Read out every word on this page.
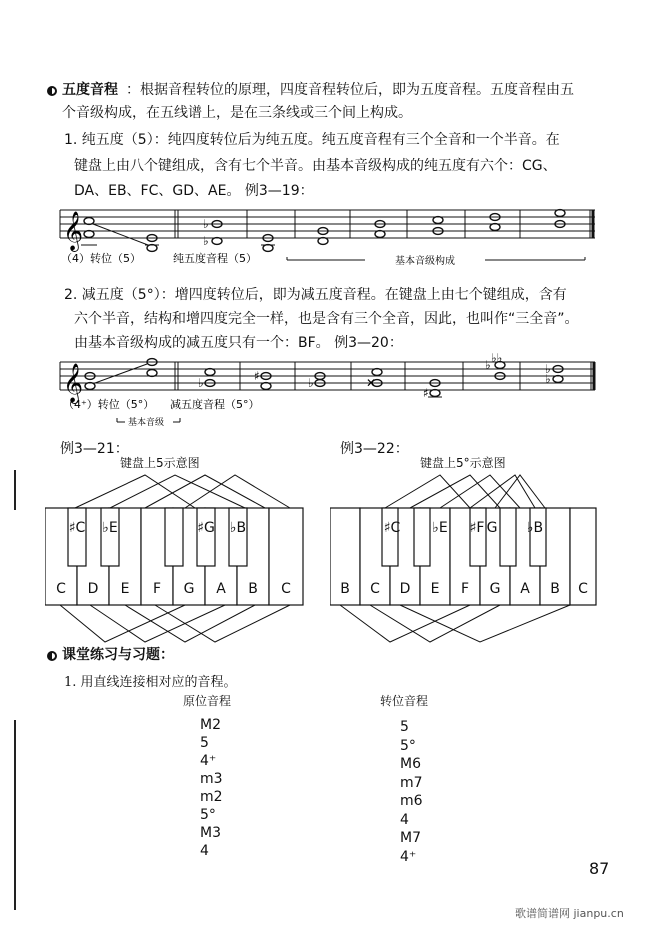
五度音程 ：根据音程转位的原理，四度音程转位后，即为五度音程。五度音程由五
个音级构成，在五线谱上，是在三条线或三个间上构成。
1. 纯五度（5）：纯四度转位后为纯五度。纯五度音程有三个全音和一个半音。在
键盘上由八个键组成，含有七个半音。由基本音级构成的纯五度有六个：CG、
DA、EB、FC、GD、AE。 例3—19：
𝄞	♭
♭
（4）转位（5）	纯五度音程（5）	基本音级构成
2. 减五度（5°）：增四度转位后，即为减五度音程。在键盘上由七个键组成，含有
六个半音，结构和增四度完全一样，也是含有三个全音，因此，也叫作“三全音”。
由基本音级构成的减五度只有一个：BF。 例3—20：
𝄞	♭	♯	♭	✕
♯
♭ ♭♭
♭
♭
（4⁺）转位（5°） 减五度音程（5°）
基本音级
例3—21：
键盘上5示意图
C D E F G A B C
♯C ♭E	♯G ♭B
例3—22：
键盘上5°示意图
B C D E F G A B C
♯C ♭E ♯F G ♭B
课堂练习与习题：
1. 用直线连接相对应的音程。
原位音程	转位音程
M2
5
4⁺
m3
m2
5°
M3
4
5
5°
M6
m7
m6
4
M7
4⁺
87
歌谱简谱网 jianpu.cn
